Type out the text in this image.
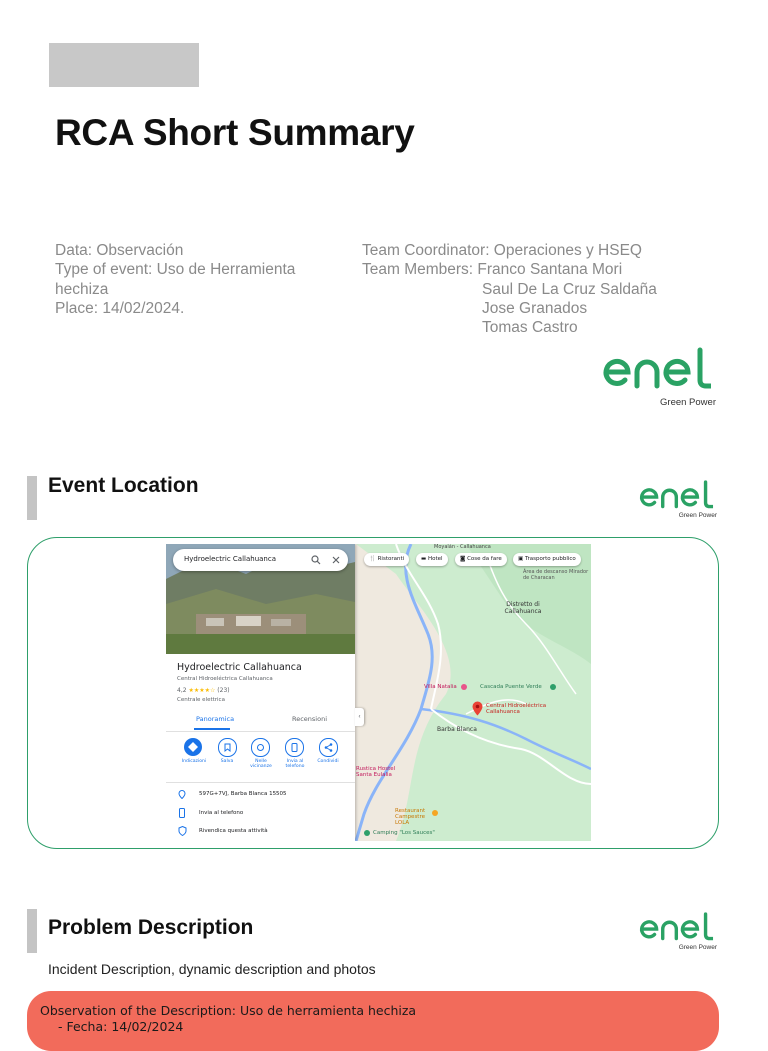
RCA Short Summary
Data: Observación
Type of event: Uso de Herramienta
hechiza
Place: 14/02/2024.
Team Coordinator: Operaciones y HSEQ
Team Members: Franco Santana Mori
Saul De La Cruz Saldaña
Jose Granados
Tomas Castro
Green Power
Event Location
Green Power
Hydroelectric Callahuanca
Hydroelectric Callahuanca
Central Hidroeléctrica Callahuanca
4,2 ★★★★☆ (23)
Centrale elettrica
Panoramica	Recensioni
Indicazioni	Salva	Nelle vicinanze
Invia al telefono
Condividi
597G+7VJ, Barba Blanca 15505
Invia al telefono
Rivendica questa attività
‹
🍴 Ristoranti	▬ Hotel	◙ Cose da fare	▣ Trasporto pubblico
Moyalán - Callahuanca
Área de descanso Mirador de Characan
Distretto di Callahuanca
Villa Natalia	Cascada Puente Verde
Central Hidroeléctrica Callahuanca
Barba Blanca
Rustica Hostel Santa Eulalia
Restaurant Campestre LOLA
Camping "Los Sauces"
Problem Description
Green Power
Incident Description, dynamic description and photos
Observation of the Description: Uso de herramienta hechiza
- Fecha: 14/02/2024
